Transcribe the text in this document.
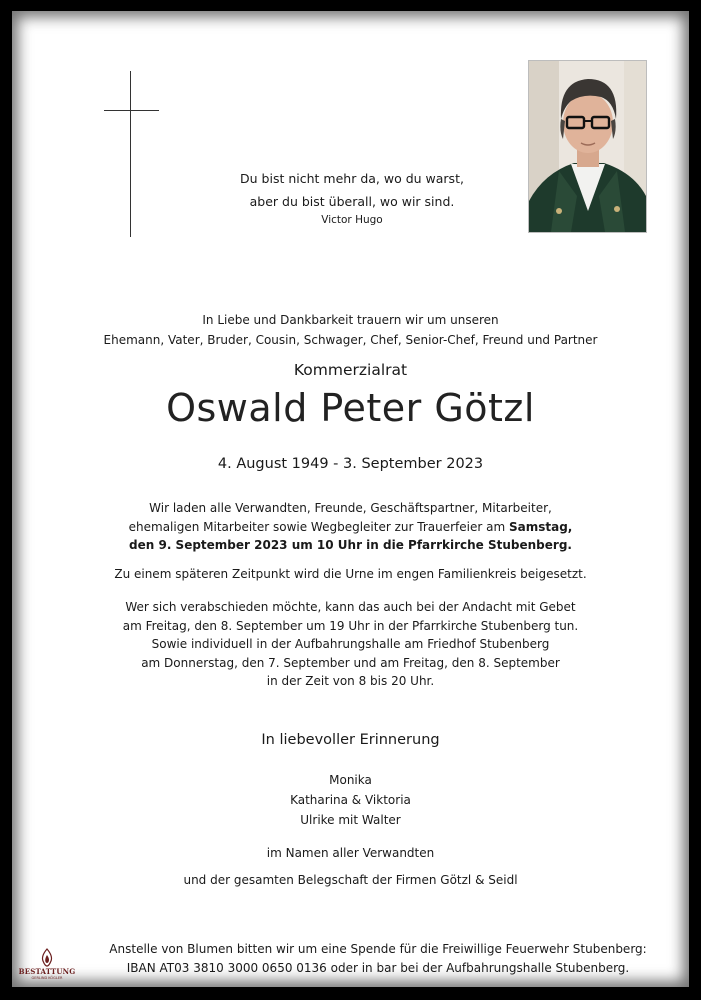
Du bist nicht mehr da, wo du warst,
aber du bist überall, wo wir sind.
Victor Hugo
In Liebe und Dankbarkeit trauern wir um unseren
Ehemann, Vater, Bruder, Cousin, Schwager, Chef, Senior-Chef, Freund und Partner
Kommerzialrat
Oswald Peter Götzl
4. August 1949 - 3. September 2023
Wir laden alle Verwandten, Freunde, Geschäftspartner, Mitarbeiter,
ehemaligen Mitarbeiter sowie Wegbegleiter zur Trauerfeier am Samstag,
den 9. September 2023 um 10 Uhr in die Pfarrkirche Stubenberg.
Zu einem späteren Zeitpunkt wird die Urne im engen Familienkreis beigesetzt.
Wer sich verabschieden möchte, kann das auch bei der Andacht mit Gebet
am Freitag, den 8. September um 19 Uhr in der Pfarrkirche Stubenberg tun.
Sowie individuell in der Aufbahrungshalle am Friedhof Stubenberg
am Donnerstag, den 7. September und am Freitag, den 8. September
in der Zeit von 8 bis 20 Uhr.
In liebevoller Erinnerung
Monika
Katharina & Viktoria
Ulrike mit Walter
im Namen aller Verwandten
und der gesamten Belegschaft der Firmen Götzl & Seidl
Anstelle von Blumen bitten wir um eine Spende für die Freiwillige Feuerwehr Stubenberg:
IBAN AT03 3810 3000 0650 0136 oder in bar bei der Aufbahrungshalle Stubenberg.
BESTATTUNG
GERLIND KÖGLER
